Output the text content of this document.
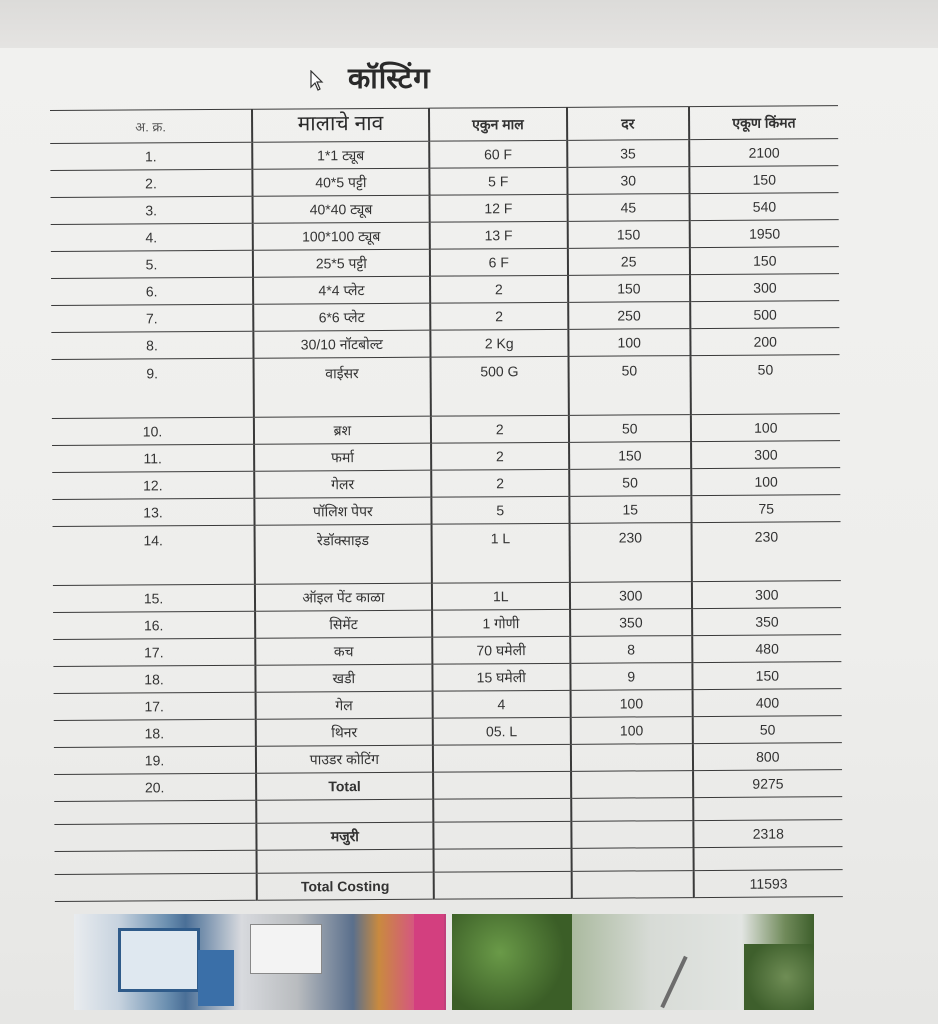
कॉस्टिंग
अ. क्र.	मालाचे नाव	एकुन माल	दर	एकूण किंमत
1.	1*1 ट्यूब	60 F	35	2100
2.	40*5 पट्टी	5 F	30	150
3.	40*40 ट्यूब	12 F	45	540
4.	100*100 ट्यूब	13 F	150	1950
5.	25*5 पट्टी	6 F	25	150
6.	4*4 प्लेट	2	150	300
7.	6*6 प्लेट	2	250	500
8.	30/10 नॉटबोल्ट	2 Kg	100	200
9.	वाईसर	500 G	50	50
10.	ब्रश	2	50	100
11.	फर्मा	2	150	300
12.	गेलर	2	50	100
13.	पॉलिश पेपर	5	15	75
14.	रेडॉक्साइड	1 L	230	230
15.	ऑइल पेंट काळा	1L	300	300
16.	सिमेंट	1 गोणी	350	350
17.	कच	70 घमेली	8	480
18.	खडी	15 घमेली	9	150
17.	गेल	4	100	400
18.	थिनर	05. L	100	50
19.	पाउडर कोटिंग			800
20.	Total			9275

	मजुरी			2318

	Total Costing			11593
